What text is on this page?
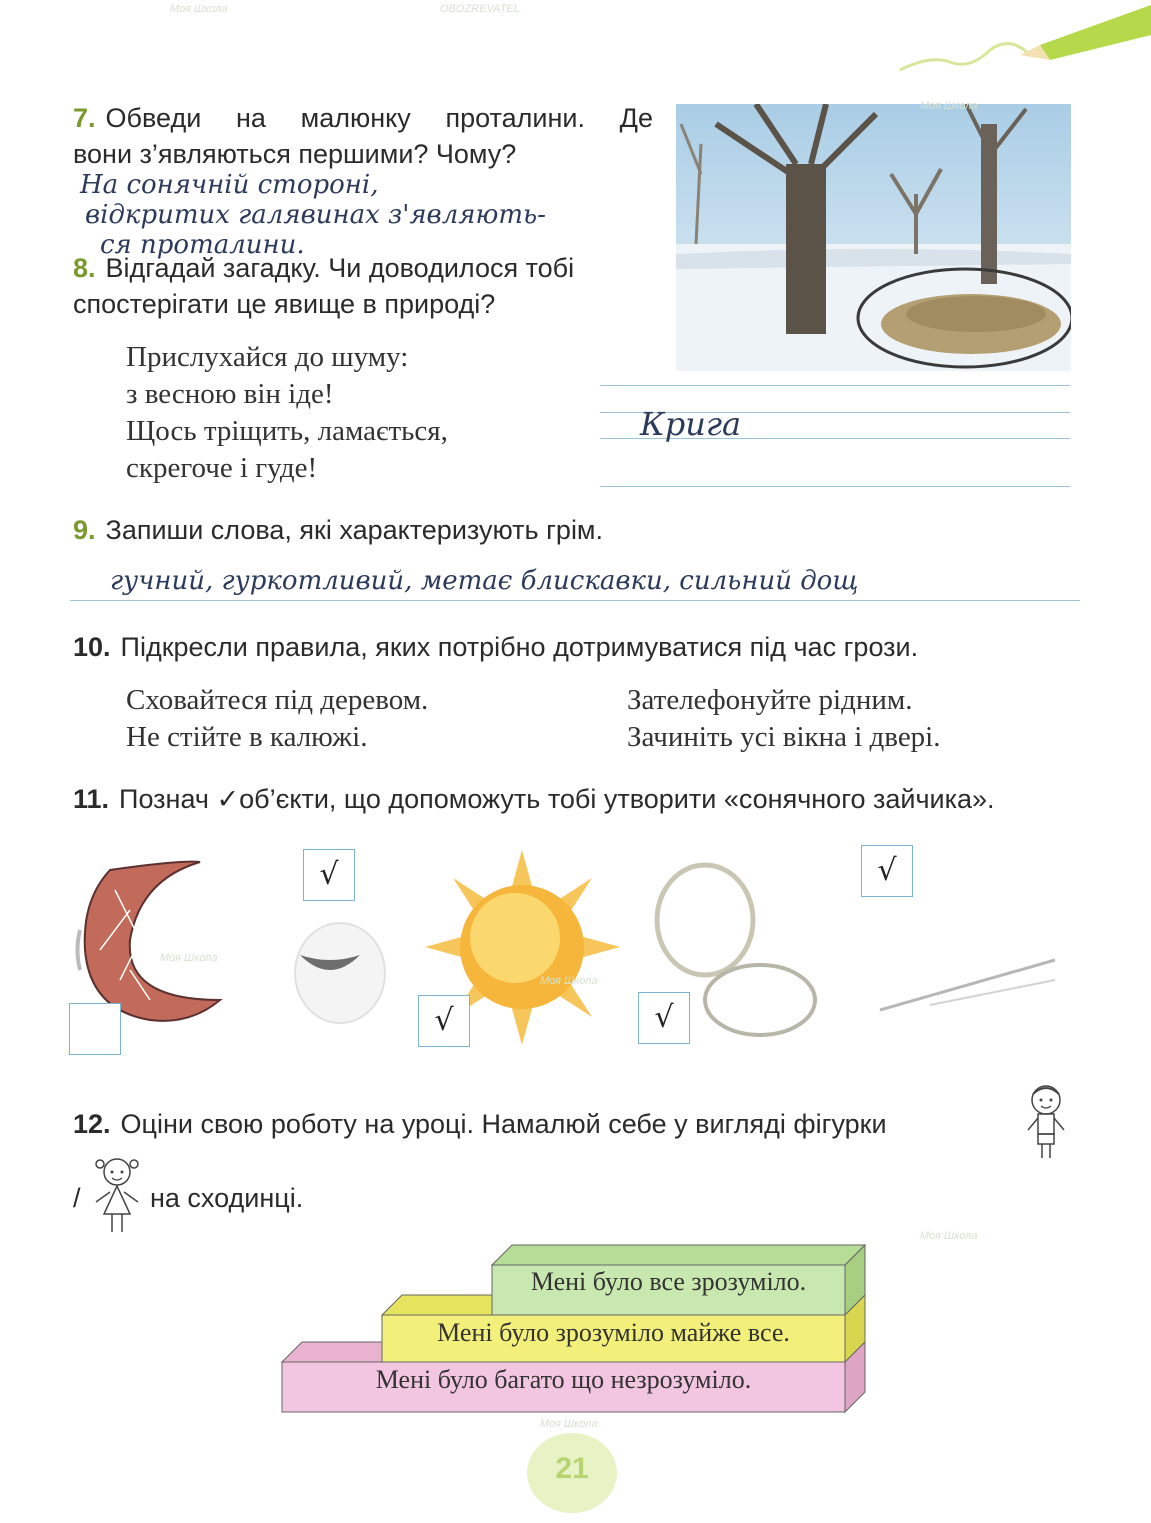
7. Обведи на малюнку проталини. Де
вони з’являються першими? Чому?
На сонячній стороні,
відкритих галявинах з'являють-
ся проталини.
8. Відгадай загадку. Чи доводилося тобі
спостерігати це явище в природі?
Прислухайся до шуму:
з весною він іде!
Щось тріщить, ламається,
скрегоче і гуде!
Крига
9. Запиши слова, які характеризують грім.
гучний, гуркотливий, метає блискавки, сильний дощ
10. Підкресли правила, яких потрібно дотримуватися під час грози.
Сховайтеся під деревом.
Не стійте в калюжі.
Зателефонуйте рідним.
Зачиніть усі вікна і двері.
11. Познач ✓об’єкти, що допоможуть тобі утворити «сонячного зайчика».
√
√	√
√
12. Оціни свою роботу на уроці. Намалюй себе у вигляді фігурки
/	на сходинці.
Мені було все зрозуміло.
Мені було зрозуміло майже все.
Мені було багато що незрозуміло.
21
Моя Школа	OBOZREVATEL
Моя Школа
Моя Школа
Моя Школа
Моя Школа
Моя Школа
